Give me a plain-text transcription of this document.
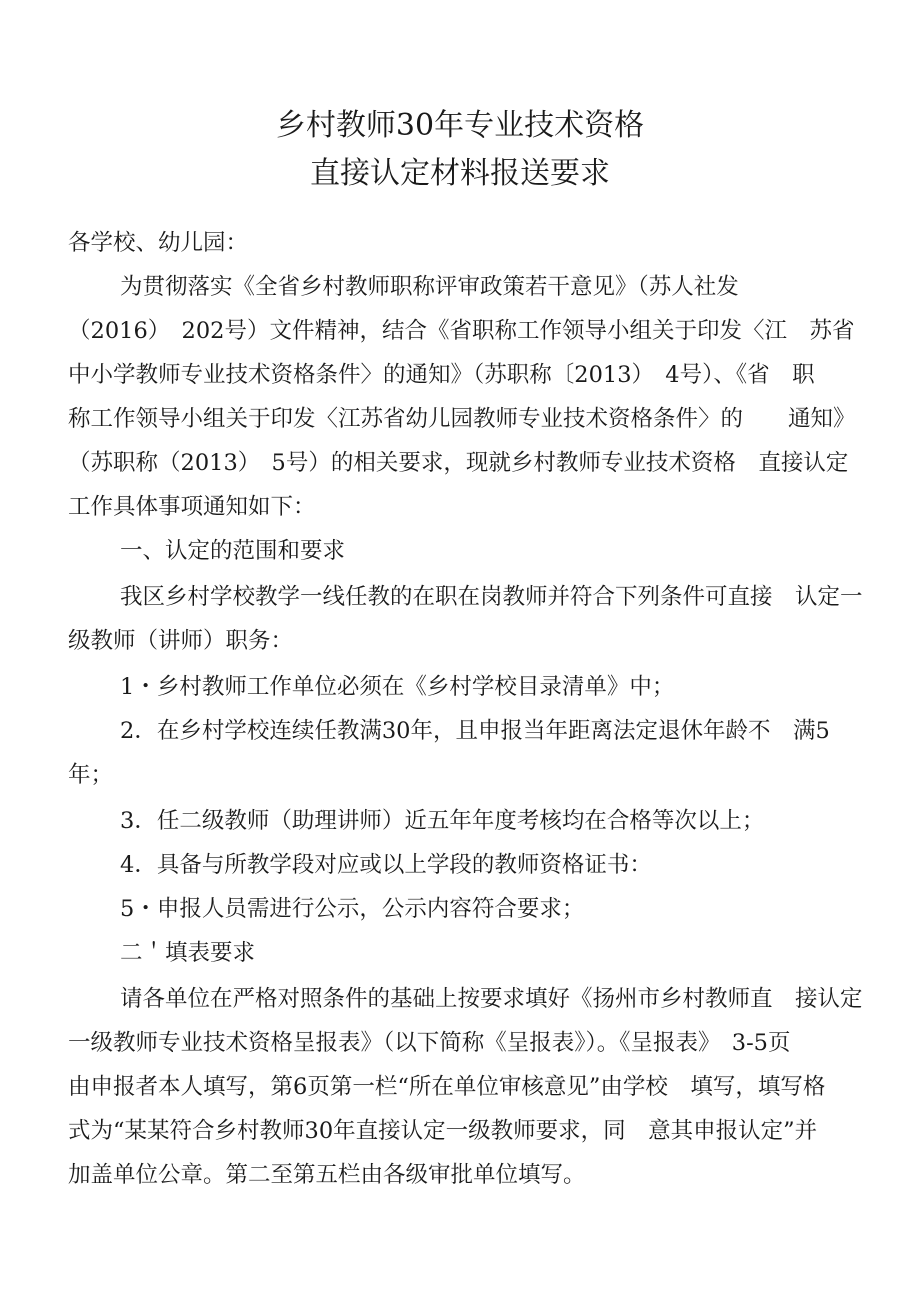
乡村教师30年专业技术资格
直接认定材料报送要求
各学校、幼儿园：
为贯彻落实《全省乡村教师职称评审政策若干意见》（苏人社发
（2016）　202号）文件精神，结合《省职称工作领导小组关于印发〈江　苏省
中小学教师专业技术资格条件〉的通知》（苏职称〔2013）　4号）、《省　职
称工作领导小组关于印发〈江苏省幼儿园教师专业技术资格条件〉的　　通知》
（苏职称（2013）　5号）的相关要求，现就乡村教师专业技术资格　直接认定
工作具体事项通知如下：
一、认定的范围和要求
我区乡村学校教学一线任教的在职在岗教师并符合下列条件可直接　认定一
级教师（讲师）职务：
1・乡村教师工作单位必须在《乡村学校目录清单》中；
2．在乡村学校连续任教满30年，且申报当年距离法定退休年龄不　满5
年；
3．任二级教师（助理讲师）近五年年度考核均在合格等次以上；
4．具备与所教学段对应或以上学段的教师资格证书：
5・申报人员需进行公示，公示内容符合要求；
二＇填表要求
请各单位在严格对照条件的基础上按要求填好《扬州市乡村教师直　接认定
一级教师专业技术资格呈报表》（以下简称《呈报表》）。《呈报表》　3-5页
由申报者本人填写，第6页第一栏“所在单位审核意见”由学校　填写，填写格
式为“某某符合乡村教师30年直接认定一级教师要求，同　意其申报认定”并
加盖单位公章。第二至第五栏由各级审批单位填写。
